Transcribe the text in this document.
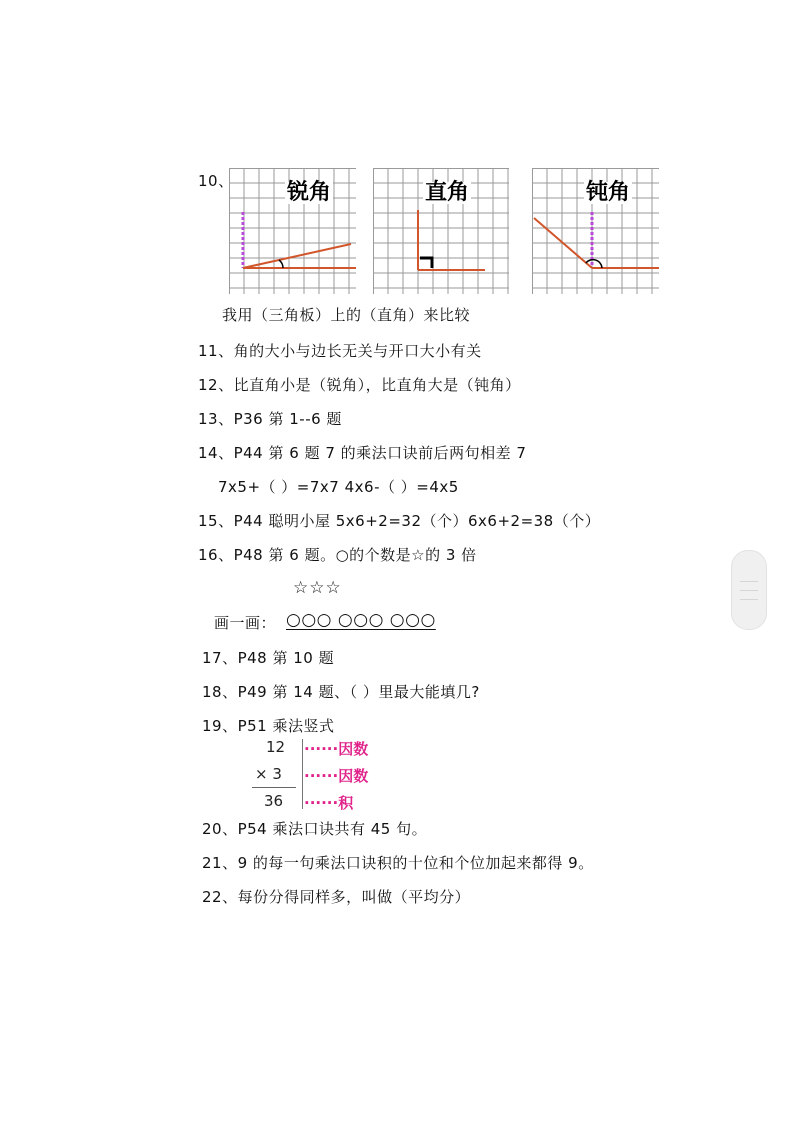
10、 锐角	直角	钝角
我用（三角板）上的（直角）来比较
11、角的大小与边长无关与开口大小有关
12、比直角小是（锐角），比直角大是（钝角）
13、P36 第 1--6 题
14、P44 第 6 题 7 的乘法口诀前后两句相差 7
7x5+（ ）=7x7 4x6-（ ）=4x5
15、P44 聪明小屋 5x6+2=32（个）6x6+2=38（个）
16、P48 第 6 题。○的个数是☆的 3 倍
☆☆☆
画一画： ○○○ ○○○ ○○○
17、P48 第 10 题
18、P49 第 14 题、（ ）里最大能填几?
19、P51 乘法竖式
12
× 3
36
······因数
······因数
······积
20、P54 乘法口诀共有 45 句。
21、9 的每一句乘法口诀积的十位和个位加起来都得 9。
22、每份分得同样多，叫做（平均分）
